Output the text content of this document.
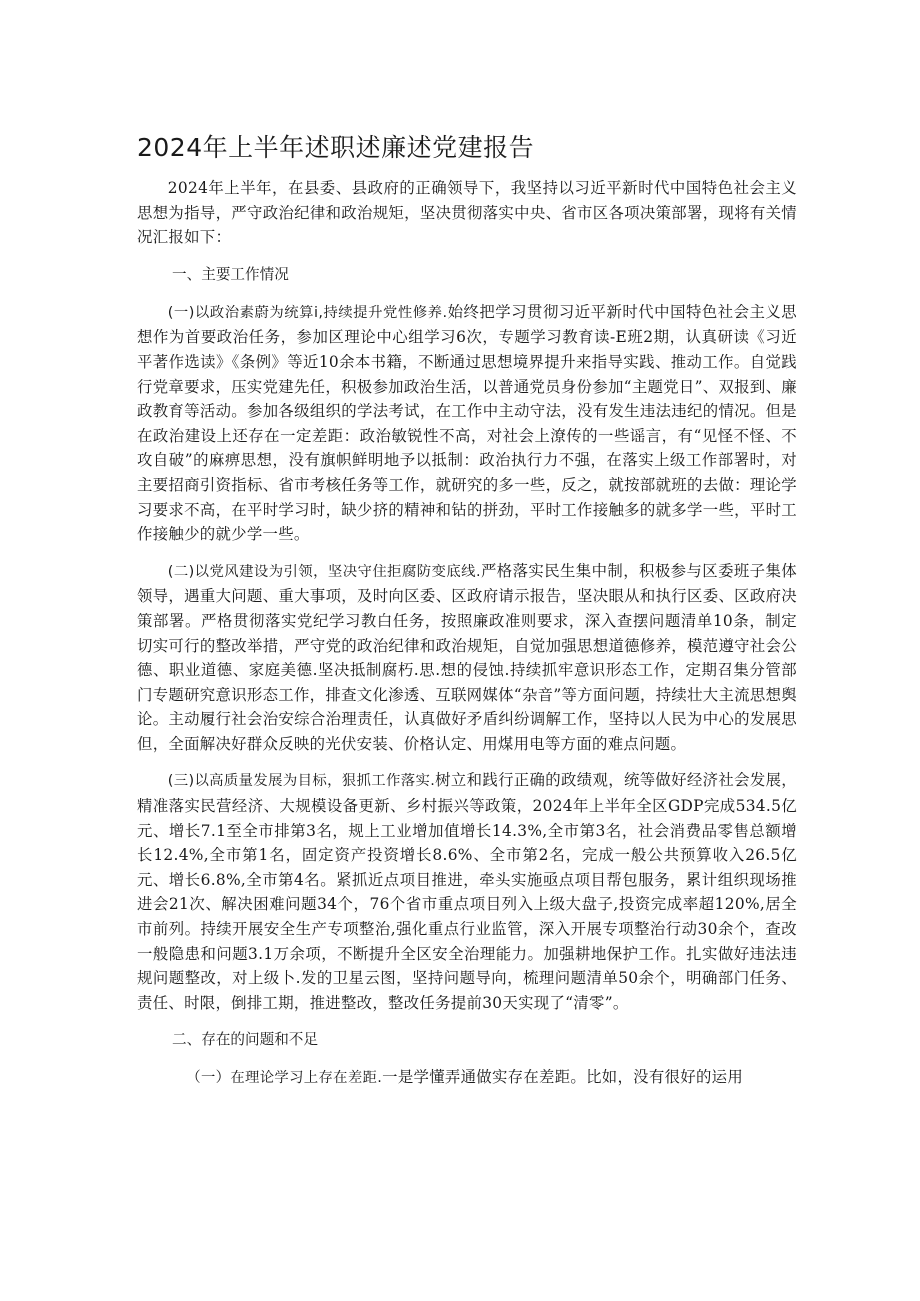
2024年上半年述职述廉述党建报告

2024年上半年，在县委、县政府的正确领导下，我坚持以习近平新时代中国特色社会主义思想为指导，严守政治纪律和政治规矩，坚决贯彻落实中央、省市区各项决策部署，现将有关情况汇报如下：

一、主要工作情况

(一)以政治素蔚为统算i,持续提升党性修养.始终把学习贯彻习近平新时代中国特色社会主义思想作为首要政治任务，参加区理论中心组学习6次，专题学习教育读-E班2期，认真研读《习近平著作选读》《条例》等近10余本书籍，不断通过思想境界提升来指导实践、推动工作。自觉践行党章要求，压实党建先任，积极参加政治生活，以普通党员身份参加“主题党日”、双报到、廉政教育等活动。参加各级组织的学法考试，在工作中主动守法，没有发生违法违纪的情况。但是在政治建设上还存在一定差距：政治敏锐性不高，对社会上潦传的一些谣言，有“见怪不怪、不攻自破”的麻痹思想，没有旗帜鲜明地予以抵制：政治执行力不强，在落实上级工作部署时，对主要招商引资指标、省市考核任务等工作，就研究的多一些，反之，就按部就班的去做：理论学习要求不高，在平时学习时，缺少挤的精神和钻的拼劲，平时工作接触多的就多学一些，平时工作接触少的就少学一些。

(二)以党风建设为引领，坚决守住拒腐防变底线.严格落实民生集中制，积极参与区委班子集体领导，遇重大问题、重大事项，及时向区委、区政府请示报告，坚决眼从和执行区委、区政府决策部署。严格贯彻落实党纪学习教白任务，按照廉政准则要求，深入查摆问题清单10条，制定切实可行的整改举措，严守党的政治纪律和政治规矩，自觉加强思想道德修养，模范遵守社会公德、职业道德、家庭美德.坚决抵制腐朽.思.想的侵蚀.持续抓牢意识形态工作，定期召集分管部门专题研究意识形态工作，排查文化渗透、互联网媒体“杂音”等方面问题，持续壮大主流思想舆论。主动履行社会治安综合治理责任，认真做好矛盾纠纷调解工作，坚持以人民为中心的发展思但，全面解决好群众反映的光伏安装、价格认定、用煤用电等方面的难点问题。

(三)以高质量发展为目标，狠抓工作落实.树立和践行正确的政绩观，统等做好经济社会发展，精准落实民营经济、大规模设备更新、乡村振兴等政策，2024年上半年全区GDP完成534.5亿元、增长7.1至全市排第3名，规上工业增加值增长14.3%,全市第3名，社会消费品零售总额增长12.4%,全市第1名，固定资产投资增长8.6%、全市第2名，完成一般公共预算收入26.5亿元、增长6.8%,全市第4名。紧抓近点项目推进，牵头实施亟点项目帮包服务，累计组织现场推进会21次、解决困难问题34个，76个省市重点项目列入上级大盘子,投资完成率超120%,居全市前列。持续开展安全生产专项整治,强化重点行业监管，深入开展专项整治行动30余个，查改一般隐患和问题3.1万余项，不断提升全区安全治理能力。加强耕地保护工作。扎实做好违法违规问题整改，对上级卜.发的卫星云图，坚持问题导向，梳理问题清单50余个，明确部门任务、责任、时限，倒排工期，推进整改，整改任务提前30天实现了“清零”。

二、存在的问题和不足

（一）在理论学习上存在差距.一是学懂弄通做实存在差距。比如，没有很好的运用
